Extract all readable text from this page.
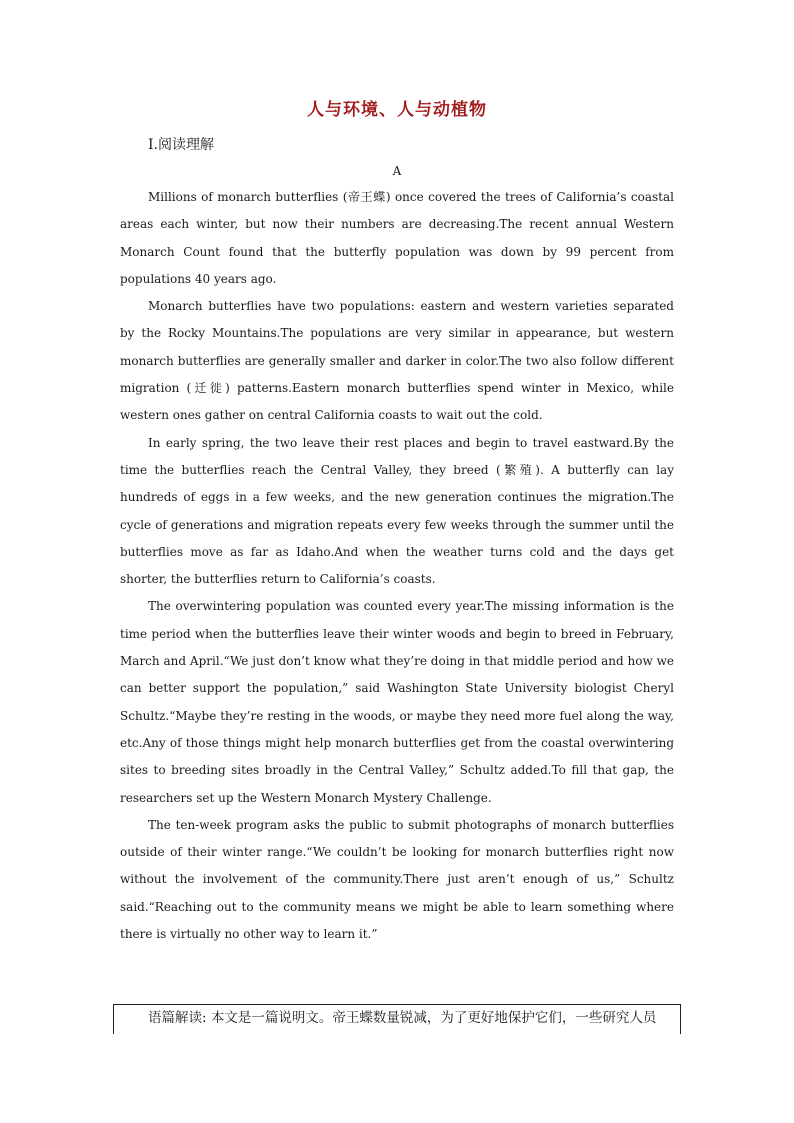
人与环境、人与动植物
Ⅰ.阅读理解
A

Millions of monarch butterflies (帝王蝶) once covered the trees of California’s coastal areas each winter, but now their numbers are decreasing.The recent annual Western Monarch Count found that the butterfly population was down by 99 percent from populations 40 years ago.

Monarch butterflies have two populations: eastern and western varieties separated by the Rocky Mountains.The populations are very similar in appearance, but western monarch butterflies are generally smaller and darker in color.The two also follow different migration (迁徙) patterns.Eastern monarch butterflies spend winter in Mexico, while western ones gather on central California coasts to wait out the cold.

In early spring, the two leave their rest places and begin to travel eastward.By the time the butterflies reach the Central Valley, they breed (繁殖). A butterfly can lay hundreds of eggs in a few weeks, and the new generation continues the migration.The cycle of generations and migration repeats every few weeks through the summer until the butterflies move as far as Idaho.And when the weather turns cold and the days get shorter, the butterflies return to California’s coasts.

The overwintering population was counted every year.The missing information is the time period when the butterflies leave their winter woods and begin to breed in February, March and April.“We just don’t know what they’re doing in that middle period and how we can better support the population,” said Washington State University biologist Cheryl Schultz.“Maybe they’re resting in the woods, or maybe they need more fuel along the way, etc.Any of those things might help monarch butterflies get from the coastal overwintering sites to breeding sites broadly in the Central Valley,” Schultz added.To fill that gap, the researchers set up the Western Monarch Mystery Challenge.

The ten-week program asks the public to submit photographs of monarch butterflies outside of their winter range.“We couldn’t be looking for monarch butterflies right now without the involvement of the community.There just aren’t enough of us,” Schultz said.“Reaching out to the community means we might be able to learn something where there is virtually no other way to learn it.”

语篇解读: 本文是一篇说明文。帝王蝶数量锐减，为了更好地保护它们，一些研究人员
